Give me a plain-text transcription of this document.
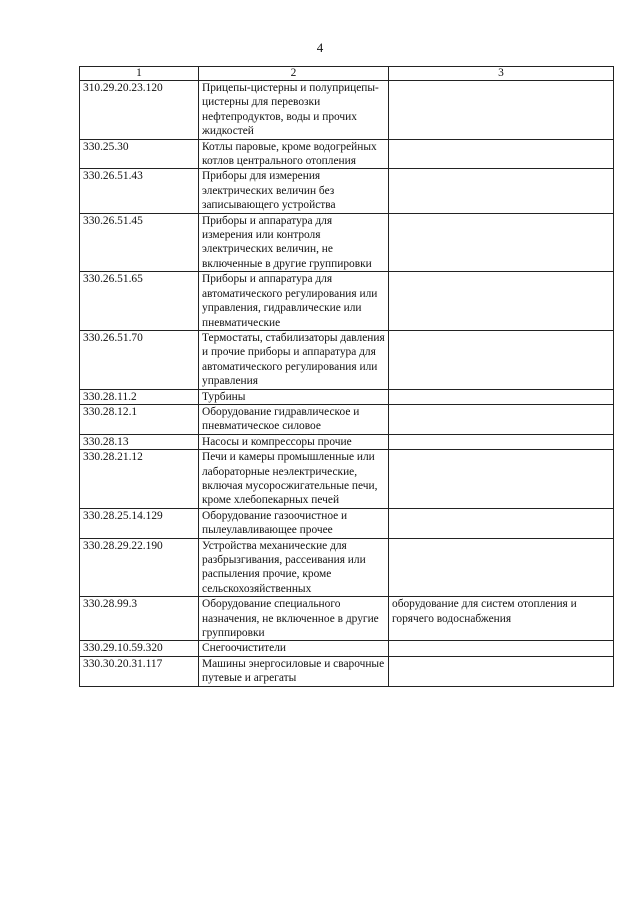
4
1	2	3
310.29.20.23.120	Прицепы-цистерны и полуприцепы-цистерны для перевозки нефтепродуктов, воды и прочих жидкостей	
330.25.30	Котлы паровые, кроме водогрейных котлов центрального отопления	
330.26.51.43	Приборы для измерения электрических величин без записывающего устройства	
330.26.51.45	Приборы и аппаратура для измерения или контроля электрических величин, не включенные в другие группировки	
330.26.51.65	Приборы и аппаратура для автоматического регулирования или управления, гидравлические или пневматические	
330.26.51.70	Термостаты, стабилизаторы давления и прочие приборы и аппаратура для автоматического регулирования или управления	
330.28.11.2	Турбины	
330.28.12.1	Оборудование гидравлическое и пневматическое силовое	
330.28.13	Насосы и компрессоры прочие	
330.28.21.12	Печи и камеры промышленные или лабораторные неэлектрические, включая мусоросжигательные печи, кроме хлебопекарных печей	
330.28.25.14.129	Оборудование газоочистное и пылеулавливающее прочее	
330.28.29.22.190	Устройства механические для разбрызгивания, рассеивания или распыления прочие, кроме сельскохозяйственных	
330.28.99.3	Оборудование специального назначения, не включенное в другие группировки	оборудование для систем отопления и горячего водоснабжения
330.29.10.59.320	Снегоочистители	
330.30.20.31.117	Машины энергосиловые и сварочные путевые и агрегаты	
